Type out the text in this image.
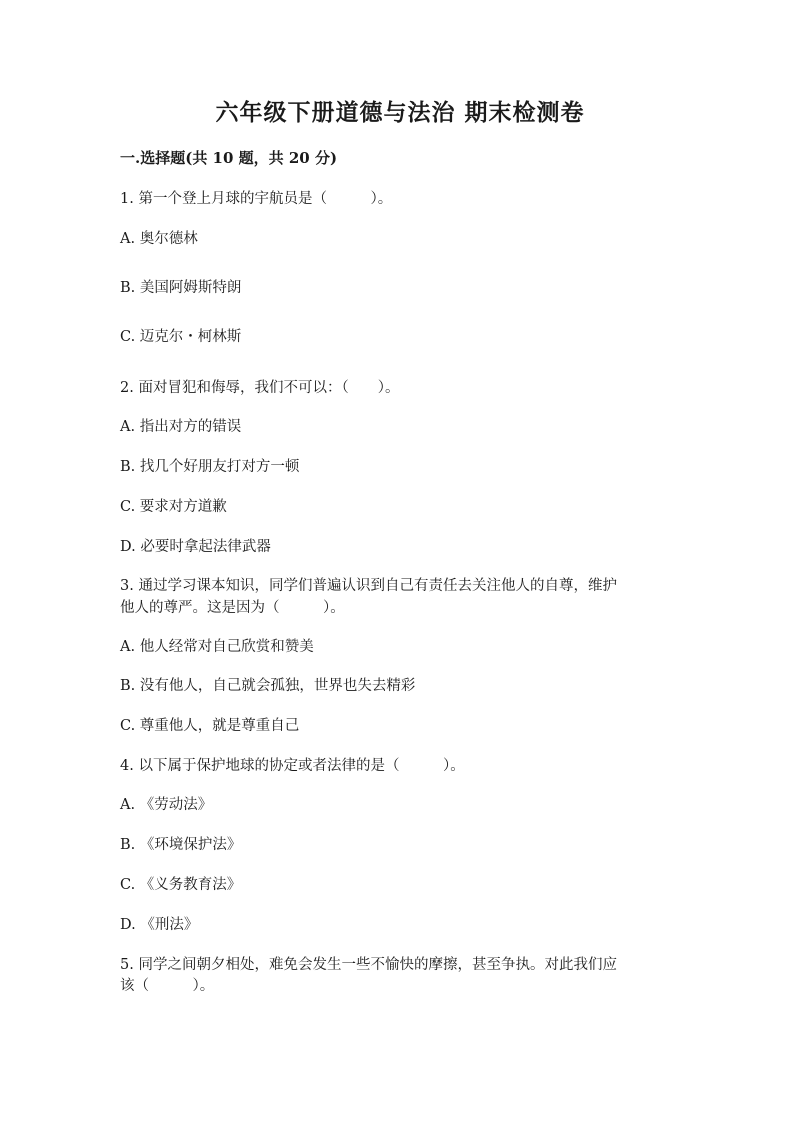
六年级下册道德与法治 期末检测卷
一.选择题(共 10 题，共 20 分)
1. 第一个登上月球的宇航员是（　　　）。
A. 奥尔德林
B. 美国阿姆斯特朗
C. 迈克尔・柯林斯
2. 面对冒犯和侮辱，我们不可以：（　　）。
A. 指出对方的错误
B. 找几个好朋友打对方一顿
C. 要求对方道歉
D. 必要时拿起法律武器
3. 通过学习课本知识，同学们普遍认识到自己有责任去关注他人的自尊，维护
他人的尊严。这是因为（　　　）。
A. 他人经常对自己欣赏和赞美
B. 没有他人，自己就会孤独，世界也失去精彩
C. 尊重他人，就是尊重自己
4. 以下属于保护地球的协定或者法律的是（　　　）。
A. 《劳动法》
B. 《环境保护法》
C. 《义务教育法》
D. 《刑法》
5. 同学之间朝夕相处，难免会发生一些不愉快的摩擦，甚至争执。对此我们应
该（　　　）。
